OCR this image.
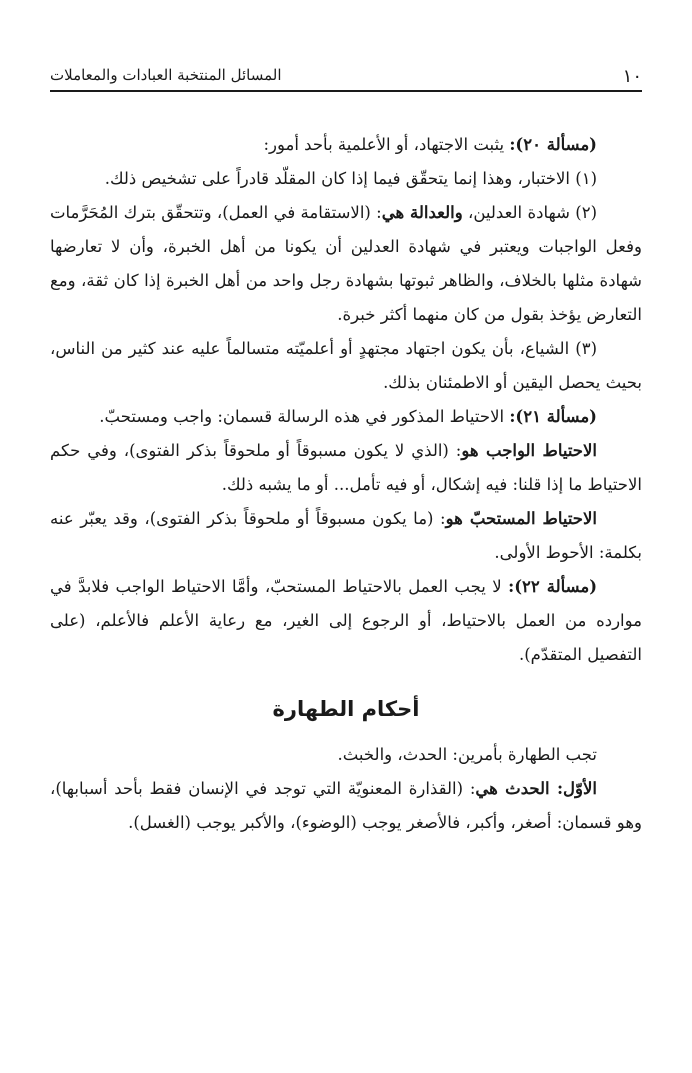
١٠
المسائل المنتخبة العبادات والمعاملات

(مسألة ٢٠): يثبت الاجتهاد، أو الأعلمية بأحد أمور:

(١) الاختبار، وهذا إنما يتحقّق فيما إذا كان المقلّد قادراً على تشخيص ذلك.

(٢) شهادة العدلين، والعدالة هي: (الاستقامة في العمل)، وتتحقّق بترك المُحَرَّمات وفعل الواجبات ويعتبر في شهادة العدلين أن يكونا من أهل الخبرة، وأن لا تعارضها شهادة مثلها بالخلاف، والظاهر ثبوتها بشهادة رجل واحد من أهل الخبرة إذا كان ثقة، ومع التعارض يؤخذ بقول من كان منهما أكثر خبرة.

(٣) الشياع، بأن يكون اجتهاد مجتهدٍ أو أعلميّته متسالماً عليه عند كثير من الناس، بحيث يحصل اليقين أو الاطمئنان بذلك.

(مسألة ٢١): الاحتياط المذكور في هذه الرسالة قسمان: واجب ومستحبّ.

الاحتياط الواجب هو: (الذي لا يكون مسبوقاً أو ملحوقاً بذكر الفتوى)، وفي حكم الاحتياط ما إذا قلنا: فيه إشكال، أو فيه تأمل... أو ما يشبه ذلك.

الاحتياط المستحبّ هو: (ما يكون مسبوقاً أو ملحوقاً بذكر الفتوى)، وقد يعبّر عنه بكلمة: الأحوط الأولى.

(مسألة ٢٢): لا يجب العمل بالاحتياط المستحبّ، وأمَّا الاحتياط الواجب فلابدَّ في موارده من العمل بالاحتياط، أو الرجوع إلى الغير، مع رعاية الأعلم فالأعلم، (على التفصيل المتقدّم).

أحكام الطهارة

تجب الطهارة بأمرين: الحدث، والخبث.

الأوّل: الحدث هي: (القذارة المعنويّة التي توجد في الإنسان فقط بأحد أسبابها)، وهو قسمان: أصغر، وأكبر، فالأصغر يوجب (الوضوء)، والأكبر يوجب (الغسل).
